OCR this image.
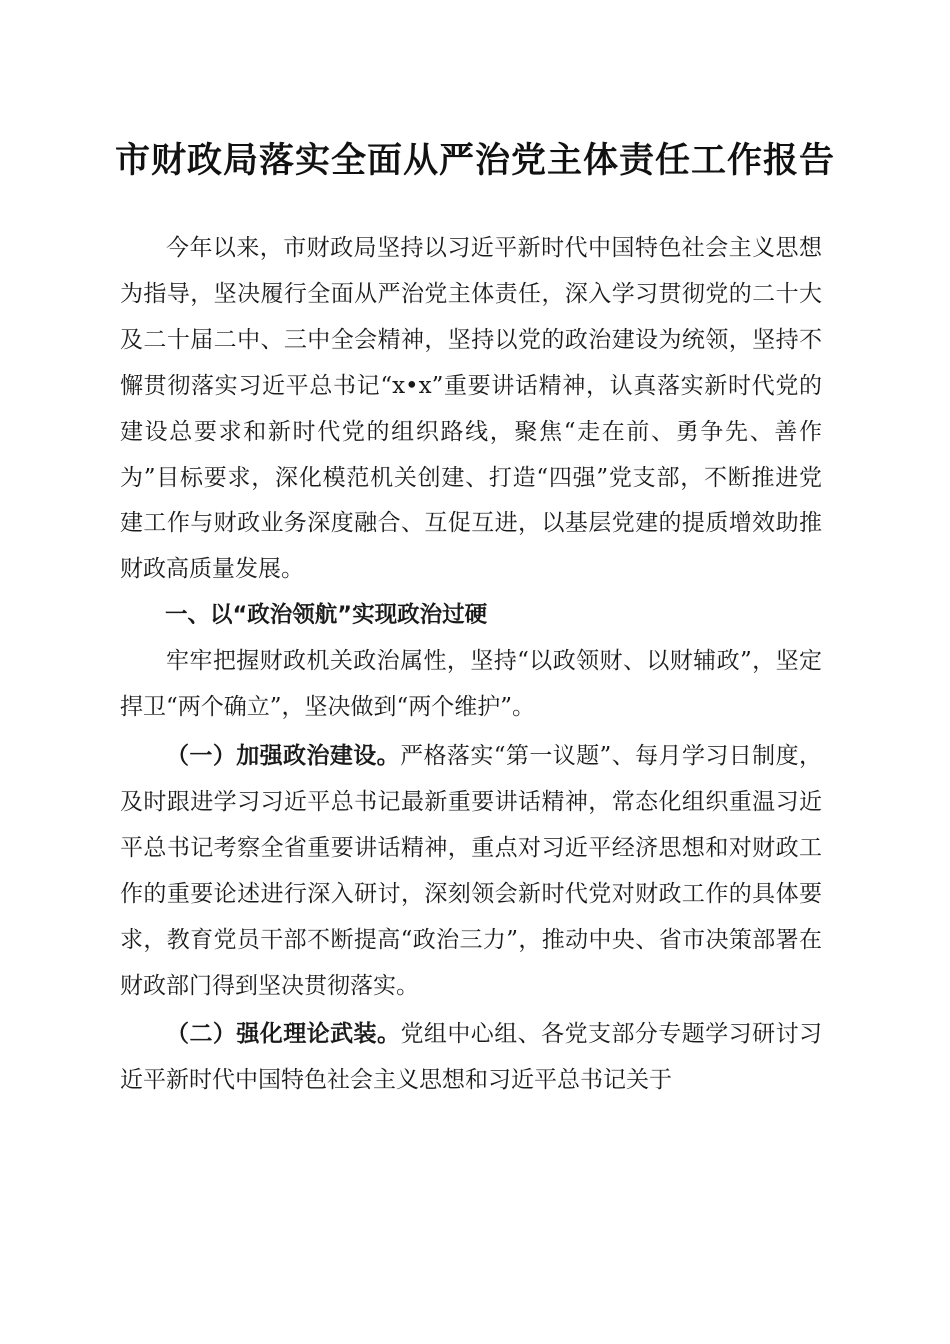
市财政局落实全面从严治党主体责任工作报告

今年以来，市财政局坚持以习近平新时代中国特色社会主义思想为指导，坚决履行全面从严治党主体责任，深入学习贯彻党的二十大及二十届二中、三中全会精神，坚持以党的政治建设为统领，坚持不懈贯彻落实习近平总书记“x•x”重要讲话精神，认真落实新时代党的建设总要求和新时代党的组织路线，聚焦“走在前、勇争先、善作为”目标要求，深化模范机关创建、打造“四强”党支部，不断推进党建工作与财政业务深度融合、互促互进，以基层党建的提质增效助推财政高质量发展。

一、以“政治领航”实现政治过硬

牢牢把握财政机关政治属性，坚持“以政领财、以财辅政”，坚定捍卫“两个确立”，坚决做到“两个维护”。

（一）加强政治建设。严格落实“第一议题”、每月学习日制度，及时跟进学习习近平总书记最新重要讲话精神，常态化组织重温习近平总书记考察全省重要讲话精神，重点对习近平经济思想和对财政工作的重要论述进行深入研讨，深刻领会新时代党对财政工作的具体要求，教育党员干部不断提高“政治三力”，推动中央、省市决策部署在财政部门得到坚决贯彻落实。

（二）强化理论武装。党组中心组、各党支部分专题学习研讨习近平新时代中国特色社会主义思想和习近平总书记关于
